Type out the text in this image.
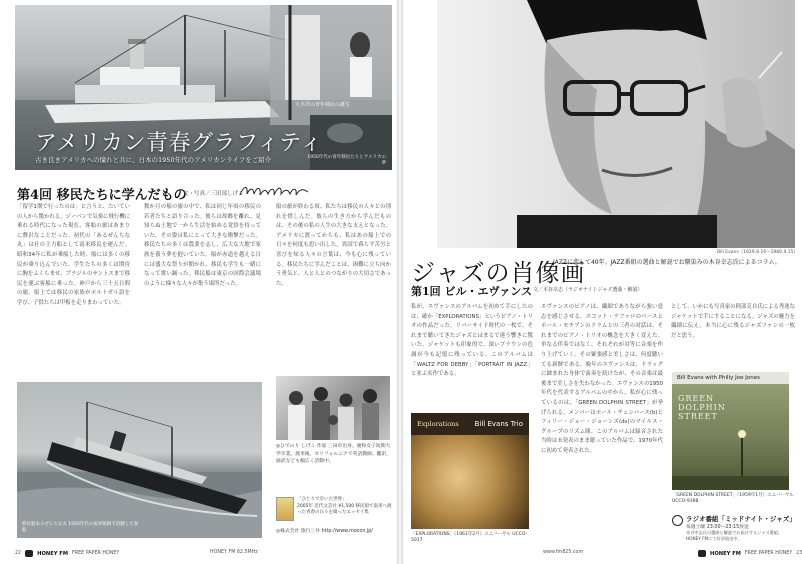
大平洋の青年移民の誕生
アメリカン青春グラフィティ
古き良きアメリカへの憧れと共に、日本の1950年代のアメリカンライフをご紹介	1950年代の青年移民たちとアメリカの夢
第4回 移民たちに学んだもの
文・写真／三田部しげこ
「留学1期で行ったのは」と言うと、たいていの人から驚かれる。ジーパンで気楽に飛行機に乗れる時代になった現在、客船の旅はあまりに贅沢なことだった。初代の「あるぜんちな丸」は社の主力船として南米移民を運んだ。昭和34年に私が乗船した時、船には多くの移民が乗り込んでいた。学生たちの多くは期待に胸をふくらませ、ブラジルのサントスまで移民を運ぶ客船に乗った。神戸から三十五日間の旅。船上では移民の家族がポルトガル語を学び、子供たちは甲板を走りまわっていた。
数か月の船の旅の中で、私は同じ年頃の移民の若者たちと語り合った。彼らは故郷を離れ、見知らぬ土地で一から生活を始める覚悟を持っていた。その姿は私にとって大きな衝撃だった。移民たちの多くは農業を志し、広大な大地で家族を養う夢を抱いていた。船が赤道を越える日には盛大な祭りが開かれ、移民も学生も一緒になって歌い踊った。移民船は東京の国際会議場のように様々な人々が集う場所だった。
船の旅が終わる頃、私たちは移民の人々との別れを惜しんだ。彼らの生き方から学んだものは、その後の私の人生の大きな支えとなった。アメリカに渡ってからも、私はあの船上での日々を何度も思い出した。異国で暮らす苦労と喜びを知る人々の言葉は、今も心に残っている。移民たちに学んだことは、困難に立ち向かう勇気と、人と人とのつながりの大切さであった。
移民船あるぜんちな丸 1950年代の南米航路で活躍した客船
◎ひでのり しげこ 作家 三田市出身。慶和女子短期大学卒業。渡米後、カリフォルニアで英語教師。翻訳、通訳なども幅広く活動中。
「ひとりで歩いた世界」
2005年 近代文芸社 ¥1,500 移民船で南米へ渡った青春の日々を綴ったエッセイ集
◎株式会社 旅行三井 http://www.mocon.jp/
22	HONEY FM FREE PAPER HONEY	HONEY FM 82.5MHz
Bill Evans（1929.8.16〜1980.9.15）
ジャズの肖像画
JAZZに恋して40年。JAZZ番組の選曲と解説でお馴染みの木谷幸志氏によるコラム。
第1回 ビル・エヴァンス 文／木谷幸志（ラジオナイトジャズ選曲・解説）
私が、エヴァンスのアルバムを初めて手にしたのは、確か「EXPLORATIONS」というピアノ・トリオの作品だった。リバーサイド時代の一枚で、それまで聴いてきたジャズとはまるで違う響きに驚いた。ジャケットも印象的で、深いブラウンの色調が今も記憶に残っている。このアルバムは「WALTZ FOR DEBBY」「PORTRAIT IN JAZZ」と並ぶ名作である。
エヴァンスのピアノは、繊細でありながら強い意志を感じさせる。スコット・ラファロのベースとポール・モチアンのドラムとの三者の対話は、それまでのピアノ・トリオの概念を大きく変えた。単なる伴奏ではなく、それぞれが対等に音楽を作り上げていく。その緊張感と美しさは、何度聴いても新鮮である。晩年のエヴァンスは、ドラッグに蝕まれた身体で演奏を続けたが、その音楽は最後まで美しさを失わなかった。エヴァンスの1950年代を代表するアルバムの中から、私が心に残っているのは、「GREEN DOLPHIN STREET」が挙げられる。メンバーはポール・チェンバース(b)とフィリー・ジョー・ジョーンズ(ds)のマイルス・グループのリズム隊。このアルバムは録音された当時は未発表のまま眠っていた作品で、1970年代に初めて発表された。
として、いかにも写真家の阿部克自氏による秀逸なジャケットで手にすることになる。ジャズの魅力を繊細に伝え、本当に心に残るジャズファンの一枚だと思う。
Explorations Bill Evans Trio
「EXPLORATIONS」（1961年2月）ユニバーサル UCCO-5017
Bill Evans with Philly Joe Jones
GREEN
DOLPHIN
STREET
「GREEN DOLPHIN STREET」（1959年1月）ユニバーサル UCCO-9398
ラジオ番組「ミッドナイト・ジャズ」
毎週土曜 23:00〜23:15放送
木谷幸志氏の選曲と解説でお届けするジャズ番組。HONEY FMにて好評放送中。
www.fm825.com	HONEY FM FREE PAPER HONEY 23
